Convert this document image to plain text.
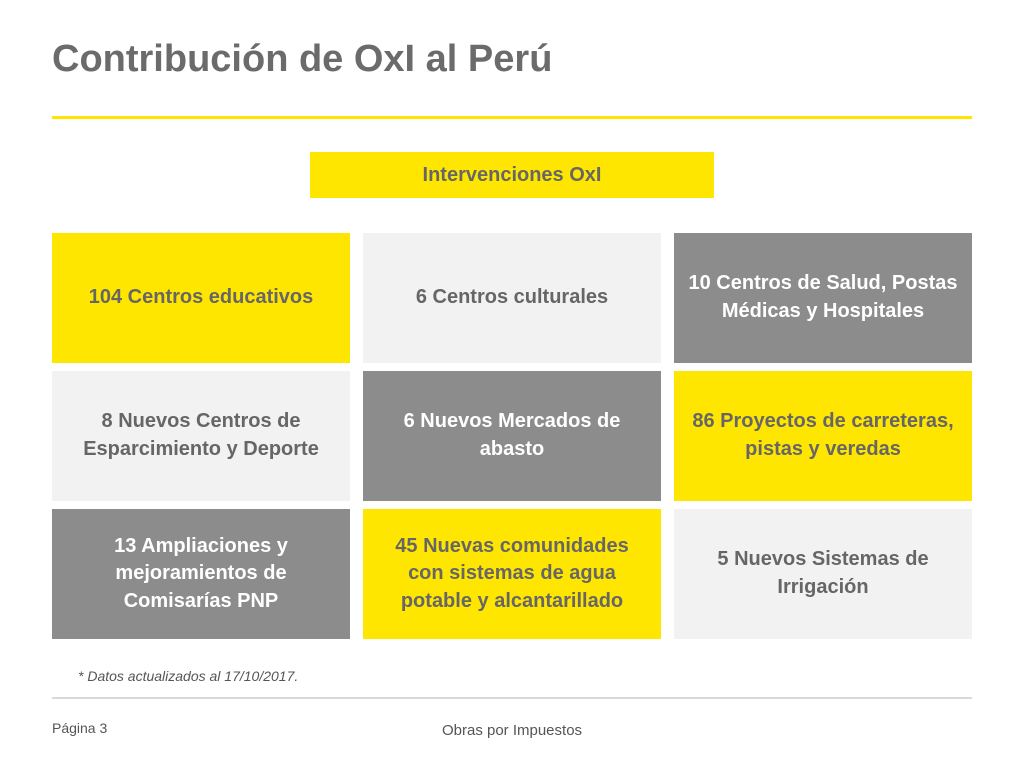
Contribución de OxI al Perú
Intervenciones OxI
104 Centros educativos	6 Centros culturales
10 Centros de Salud, Postas Médicas y Hospitales
8 Nuevos Centros de Esparcimiento y Deporte
6 Nuevos Mercados de abasto
86 Proyectos de carreteras, pistas y veredas
13 Ampliaciones y mejoramientos de Comisarías PNP
45 Nuevas comunidades con sistemas de agua potable y alcantarillado
5 Nuevos Sistemas de Irrigación
* Datos actualizados al 17/10/2017.
Página 3	Obras por Impuestos
